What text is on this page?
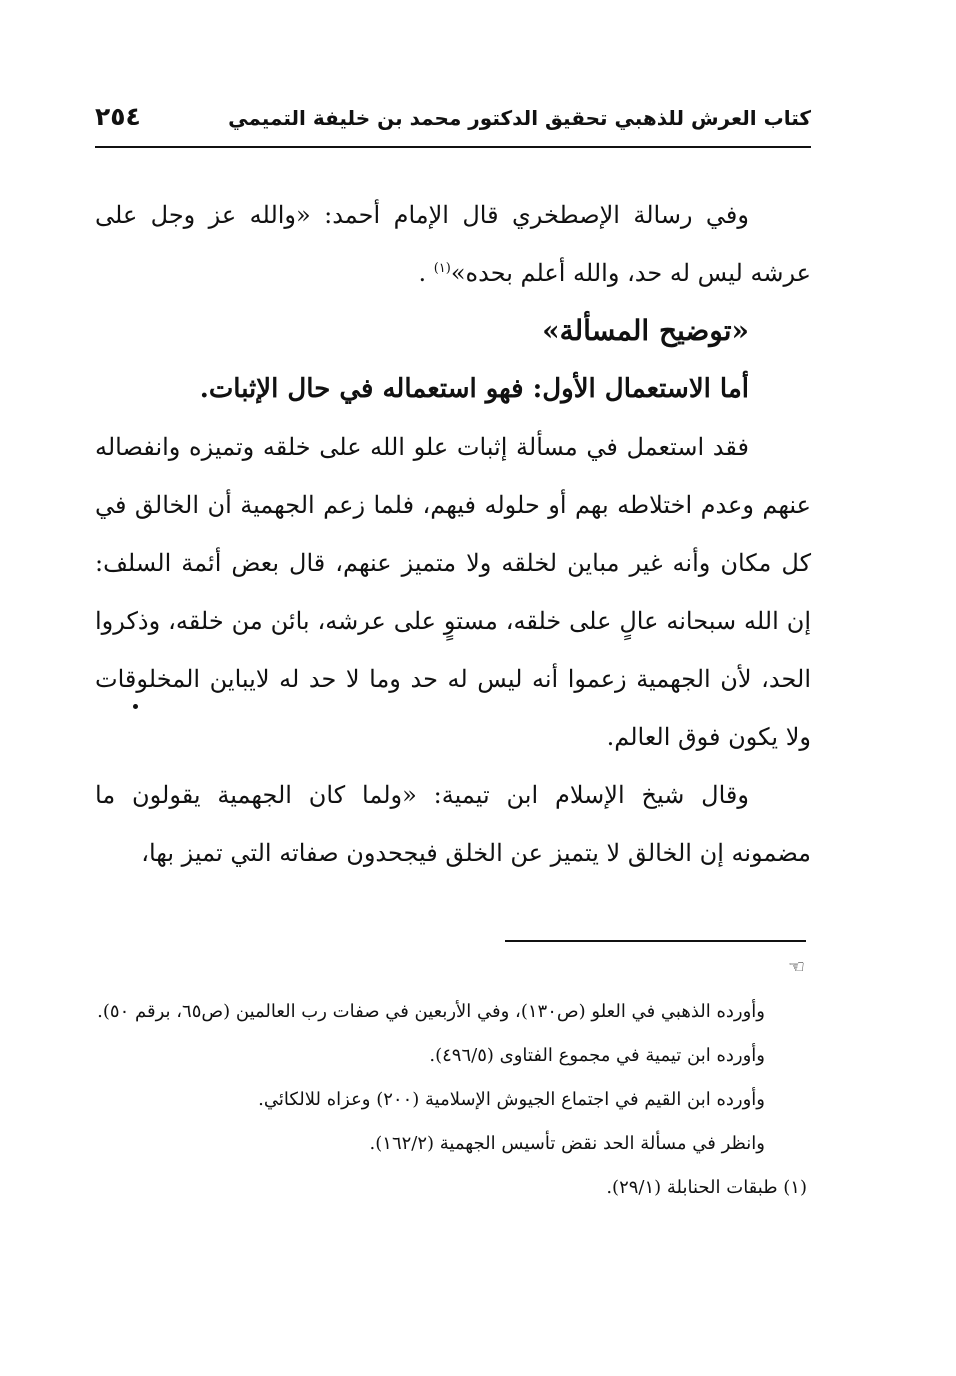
كتاب العرش للذهبي تحقيق الدكتور محمد بن خليفة التميمي
٢٥٤

وفي رسالة الإصطخري قال الإمام أحمد: «والله عز وجل على عرشه ليس له حد، والله أعلم بحده»$^{(١)}$ .

«توضيح المسألة»

أما الاستعمال الأول: فهو استعماله في حال الإثبات.

فقد استعمل في مسألة إثبات علو الله على خلقه وتميزه وانفصاله عنهم وعدم اختلاطه بهم أو حلوله فيهم، فلما زعم الجهمية أن الخالق في كل مكان وأنه غير مباين لخلقه ولا متميز عنهم، قال بعض أئمة السلف: إن الله سبحانه عالٍ على خلقه، مستوٍ على عرشه، بائن من خلقه، وذكروا الحد، لأن الجهمية زعموا أنه ليس له حد وما لا حد له لايباين المخلوقات ولا يكون فوق العالم.

وقال شيخ الإسلام ابن تيمية: «ولما كان الجهمية يقولون ما مضمونه إن الخالق لا يتميز عن الخلق فيجحدون صفاته التي تميز بها،

☜

وأورده الذهبي في العلو (ص١٣٠)، وفي الأربعين في صفات رب العالمين (ص٦٥، برقم ٥٠).

وأورده ابن تيمية في مجموع الفتاوى (٤٩٦/٥).

وأورده ابن القيم في اجتماع الجيوش الإسلامية (٢٠٠) وعزاه للالكائي.

وانظر في مسألة الحد نقض تأسيس الجهمية (١٦٢/٢).

(١) طبقات الحنابلة (٢٩/١).
